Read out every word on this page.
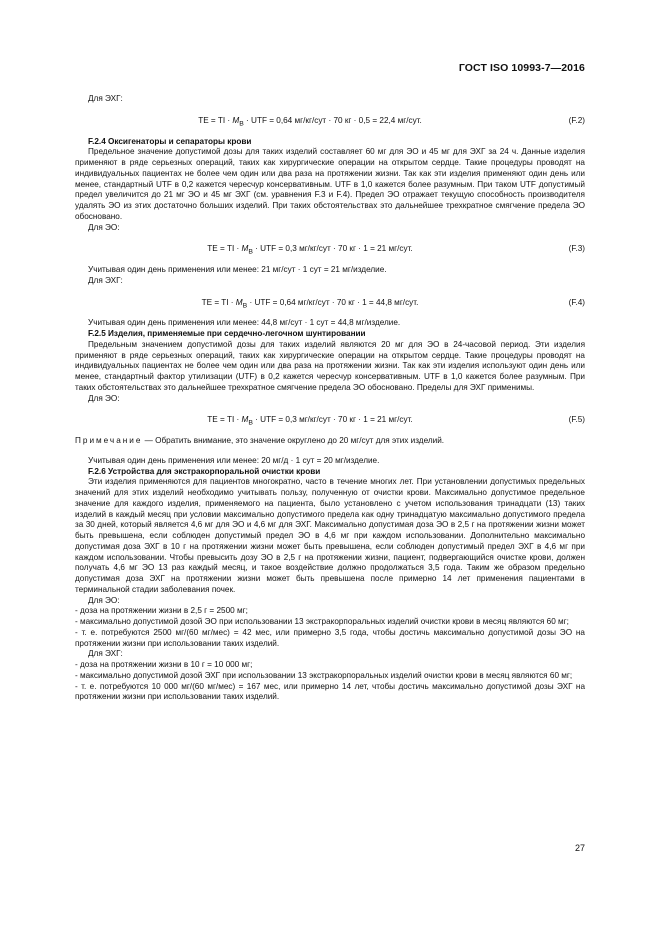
ГОСТ ISO 10993-7—2016

Для ЭХГ:

TE = TI · $M_B$ · UTF = 0,64 мг/кг/сут · 70 кг · 0,5 = 22,4 мг/сут.	(F.2)

F.2.4 Оксигенаторы и сепараторы крови

Предельное значение допустимой дозы для таких изделий составляет 60 мг для ЭО и 45 мг для ЭХГ за 24 ч. Данные изделия применяют в ряде серьезных операций, таких как хирургические операции на открытом сердце. Такие процедуры проводят на индивидуальных пациентах не более чем один или два раза на протяжении жизни. Так как эти изделия применяют один день или менее, стандартный UTF в 0,2 кажется чересчур консервативным. UTF в 1,0 кажется более разумным. При таком UTF допустимый предел увеличится до 21 мг ЭО и 45 мг ЭХГ (см. уравнения F.3 и F.4). Предел ЭО отражает текущую способность производителя удалять ЭО из этих достаточно больших изделий. При таких обстоятельствах это дальнейшее трехкратное смягчение предела ЭО обосновано.

Для ЭО:

TE = TI · $M_B$ · UTF = 0,3 мг/кг/сут · 70 кг · 1 = 21 мг/сут.	(F.3)

Учитывая один день применения или менее: 21 мг/сут · 1 сут = 21 мг/изделие.

Для ЭХГ:

TE = TI · $M_B$ · UTF = 0,64 мг/кг/сут · 70 кг · 1 = 44,8 мг/сут.	(F.4)

Учитывая один день применения или менее: 44,8 мг/сут · 1 сут = 44,8 мг/изделие.

F.2.5 Изделия, применяемые при сердечно-легочном шунтировании

Предельным значением допустимой дозы для таких изделий являются 20 мг для ЭО в 24-часовой период. Эти изделия применяют в ряде серьезных операций, таких как хирургические операции на открытом сердце. Такие процедуры проводят на индивидуальных пациентах не более чем один или два раза на протяжении жизни. Так как эти изделия используют один день или менее, стандартный фактор утилизации (UTF) в 0,2 кажется чересчур консервативным. UTF в 1,0 кажется более разумным. При таких обстоятельствах это дальнейшее трехкратное смягчение предела ЭО обосновано. Пределы для ЭХГ применимы.

Для ЭО:

TE = TI · $M_B$ · UTF = 0,3 мг/кг/сут · 70 кг · 1 = 21 мг/сут.	(F.5)

Примечание — Обратить внимание, это значение округлено до 20 мг/сут для этих изделий.

Учитывая один день применения или менее: 20 мг/д · 1 сут = 20 мг/изделие.

F.2.6 Устройства для экстракорпоральной очистки крови

Эти изделия применяются для пациентов многократно, часто в течение многих лет. При установлении допустимых предельных значений для этих изделий необходимо учитывать пользу, полученную от очистки крови. Максимально допустимое предельное значение для каждого изделия, применяемого на пациента, было установлено с учетом использования тринадцати (13) таких изделий в каждый месяц при условии максимально допустимого предела как одну тринадцатую максимально допустимого предела за 30 дней, который является 4,6 мг для ЭО и 4,6 мг для ЭХГ. Максимально допустимая доза ЭО в 2,5 г на протяжении жизни может быть превышена, если соблюден допустимый предел ЭО в 4,6 мг при каждом использовании. Дополнительно максимально допустимая доза ЭХГ в 10 г на протяжении жизни может быть превышена, если соблюден допустимый предел ЭХГ в 4,6 мг при каждом использовании. Чтобы превысить дозу ЭО в 2,5 г на протяжении жизни, пациент, подвергающийся очистке крови, должен получать 4,6 мг ЭО 13 раз каждый месяц, и такое воздействие должно продолжаться 3,5 года. Таким же образом предельно допустимая доза ЭХГ на протяжении жизни может быть превышена после примерно 14 лет применения пациентами в терминальной стадии заболевания почек.

Для ЭО:

- доза на протяжении жизни в 2,5 г = 2500 мг;

- максимально допустимой дозой ЭО при использовании 13 экстракорпоральных изделий очистки крови в месяц являются 60 мг;

- т. е. потребуются 2500 мг/(60 мг/мес) = 42 мес, или примерно 3,5 года, чтобы достичь максимально допустимой дозы ЭО на протяжении жизни при использовании таких изделий.

Для ЭХГ:

- доза на протяжении жизни в 10 г = 10 000 мг;

- максимально допустимой дозой ЭХГ при использовании 13 экстракорпоральных изделий очистки крови в месяц являются 60 мг;

- т. е. потребуются 10 000 мг/(60 мг/мес) = 167 мес, или примерно 14 лет, чтобы достичь максимально допустимой дозы ЭХГ на протяжении жизни при использовании таких изделий.

27
